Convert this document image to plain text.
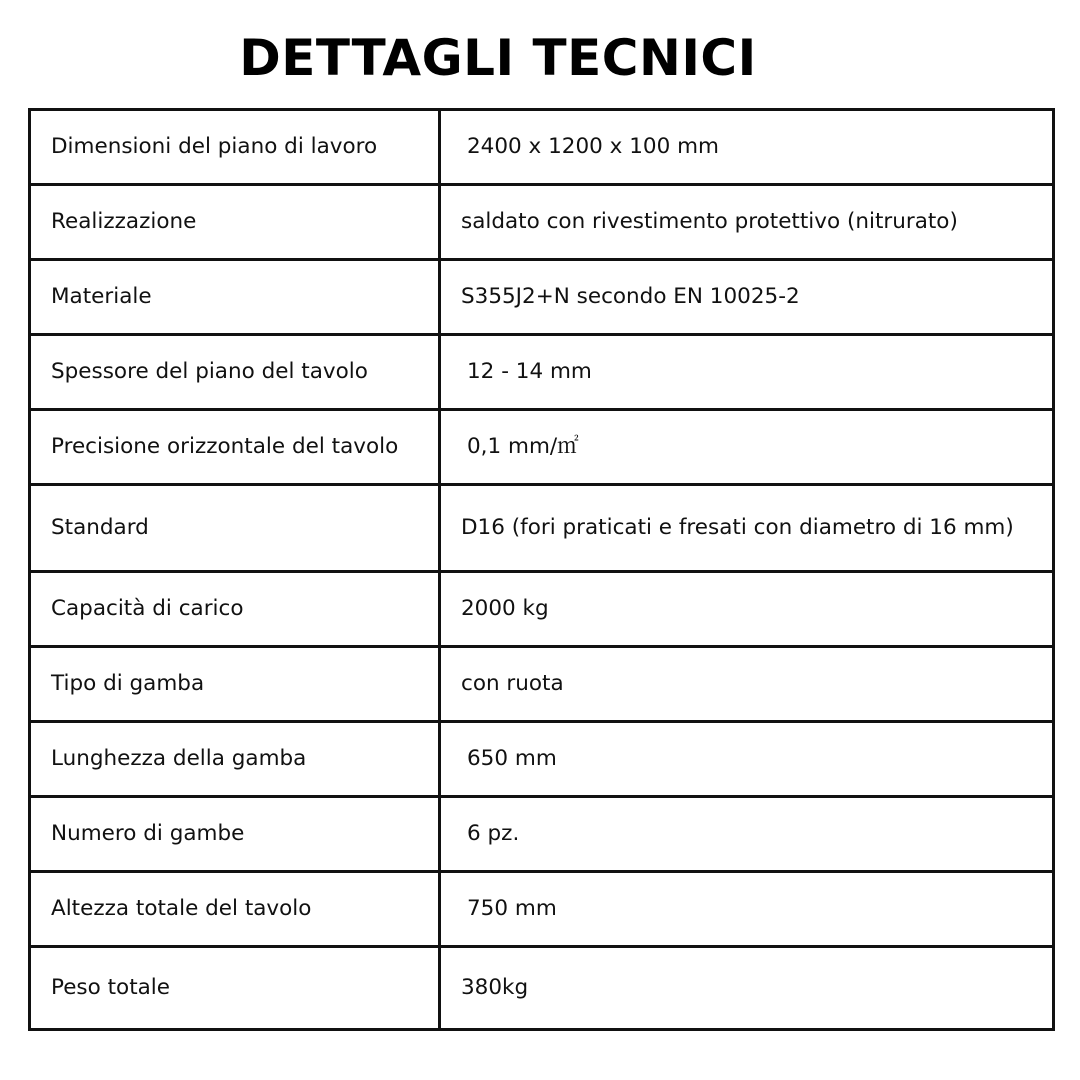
DETTAGLI TECNICI
Dimensioni del piano di lavoro	2400 x 1200 x 100 mm
Realizzazione	saldato con rivestimento protettivo (nitrurato)
Materiale	S355J2+N secondo EN 10025-2
Spessore del piano del tavolo	12 - 14 mm
Precisione orizzontale del tavolo	0,1 mm/㎡
Standard	D16 (fori praticati e fresati con diametro di 16 mm)
Capacità di carico	2000 kg
Tipo di gamba	con ruota
Lunghezza della gamba	650 mm
Numero di gambe	6 pz.
Altezza totale del tavolo	750 mm
Peso totale	380kg
